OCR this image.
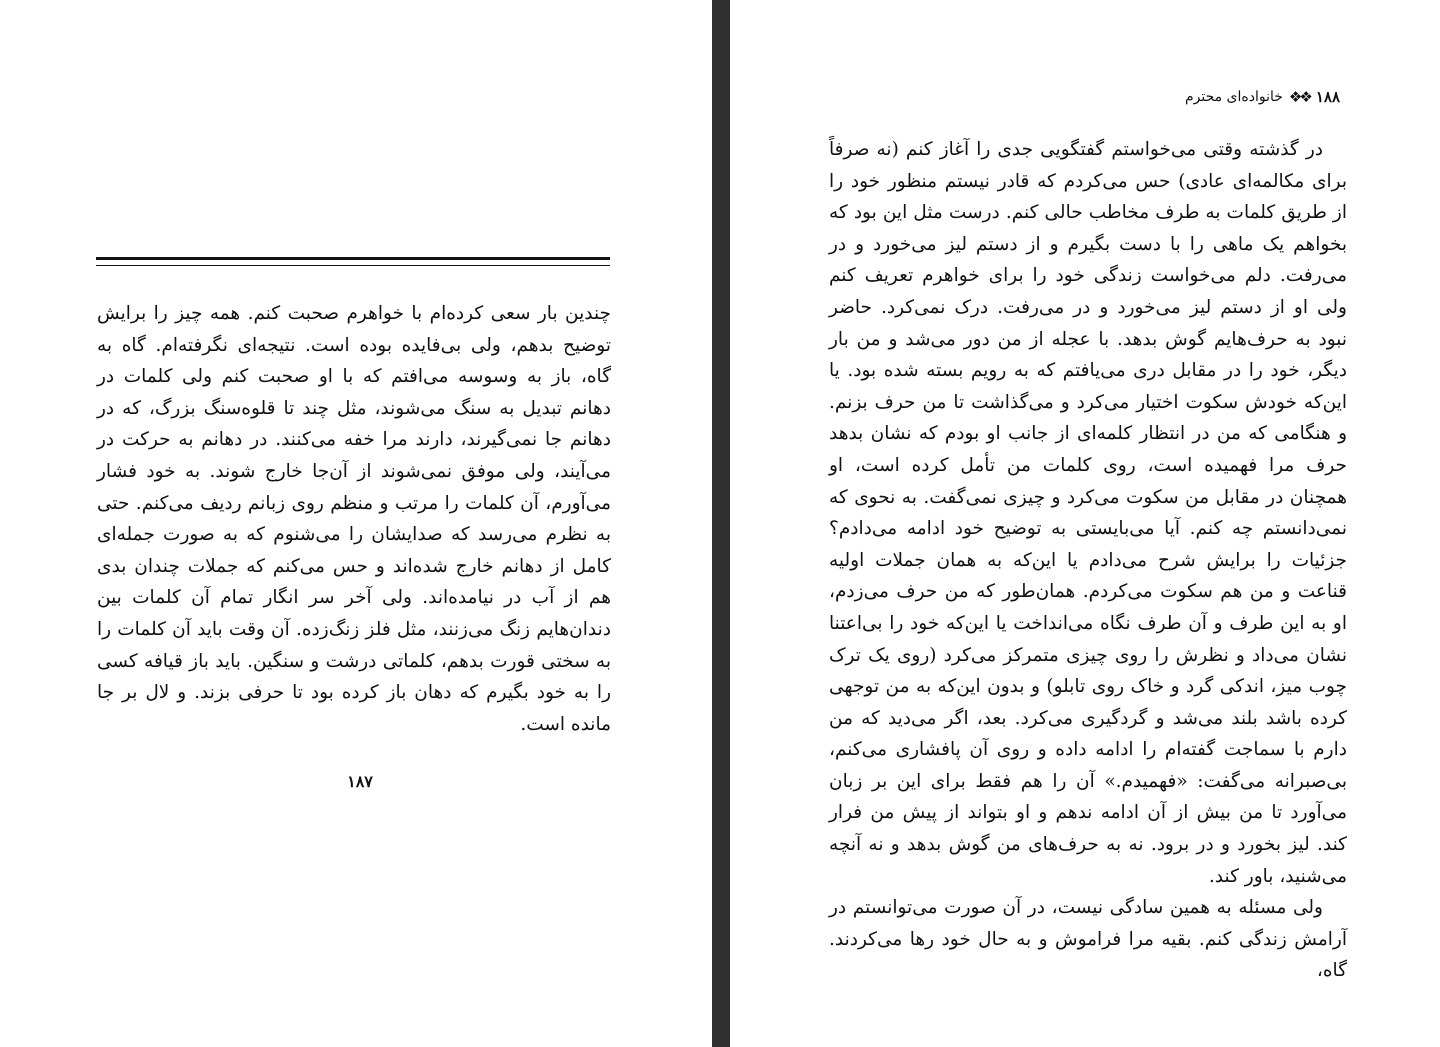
چندین بار سعی کرده‌ام با خواهرم صحبت کنم. همه چیز را برایش توضیح بدهم، ولی بی‌فایده بوده است. نتیجه‌ای نگرفته‌ام. گاه به گاه، باز به وسوسه می‌افتم که با او صحبت کنم ولی کلمات در دهانم تبدیل به سنگ می‌شوند، مثل چند تا قلوه‌سنگ بزرگ، که در دهانم جا نمی‌گیرند، دارند مرا خفه می‌کنند. در دهانم به حرکت در می‌آیند، ولی موفق نمی‌شوند از آن‌جا خارج شوند. به خود فشار می‌آورم، آن کلمات را مرتب و منظم روی زبانم ردیف می‌کنم. حتی به نظرم می‌رسد که صدایشان را می‌شنوم که به صورت جمله‌ای کامل از دهانم خارج شده‌اند و حس می‌کنم که جملات چندان بدی هم از آب در نیامده‌اند. ولی آخر سر انگار تمام آن کلمات بین دندان‌هایم زنگ می‌زنند، مثل فلز زنگ‌زده. آن وقت باید آن کلمات را به سختی قورت بدهم، کلماتی درشت و سنگین. باید باز قیافه کسی را به خود بگیرم که دهان باز کرده بود تا حرفی بزند. و لال بر جا مانده است.

۱۸۷
۱۸۸
❖❖
خانواده‌ای محترم

در گذشته وقتی می‌خواستم گفتگویی جدی را آغاز کنم (نه صرفاً برای مکالمه‌ای عادی) حس می‌کردم که قادر نیستم منظور خود را از طریق کلمات به طرف مخاطب حالی کنم. درست مثل این بود که بخواهم یک ماهی را با دست بگیرم و از دستم لیز می‌خورد و در می‌رفت. دلم می‌خواست زندگی خود را برای خواهرم تعریف کنم ولی او از دستم لیز می‌خورد و در می‌رفت. درک نمی‌کرد. حاضر نبود به حرف‌هایم گوش بدهد. با عجله از من دور می‌شد و من بار دیگر، خود را در مقابل دری می‌یافتم که به رویم بسته شده بود. یا این‌که خودش سکوت اختیار می‌کرد و می‌گذاشت تا من حرف بزنم. و هنگامی که من در انتظار کلمه‌ای از جانب او بودم که نشان بدهد حرف مرا فهمیده است، روی کلمات من تأمل کرده است، او همچنان در مقابل من سکوت می‌کرد و چیزی نمی‌گفت. به نحوی که نمی‌دانستم چه کنم. آیا می‌بایستی به توضیح خود ادامه می‌دادم؟ جزئیات را برایش شرح می‌دادم یا این‌که به همان جملات اولیه قناعت و من هم سکوت می‌کردم. همان‌طور که من حرف می‌زدم، او به این طرف و آن طرف نگاه می‌انداخت یا این‌که خود را بی‌اعتنا نشان می‌داد و نظرش را روی چیزی متمرکز می‌کرد (روی یک ترک چوب میز، اندکی گرد و خاک روی تابلو) و بدون این‌که به من توجهی کرده باشد بلند می‌شد و گردگیری می‌کرد. بعد، اگر می‌دید که من دارم با سماجت گفته‌ام را ادامه داده و روی آن پافشاری می‌کنم، بی‌صبرانه می‌گفت: «فهمیدم.» آن را هم فقط برای این بر زبان می‌آورد تا من بیش از آن ادامه ندهم و او بتواند از پیش من فرار کند. لیز بخورد و در برود. نه به حرف‌های من گوش بدهد و نه آنچه می‌شنید، باور کند.

ولی مسئله به همین سادگی نیست، در آن صورت می‌توانستم در آرامش زندگی کنم. بقیه مرا فراموش و به حال خود رها می‌کردند. گاه،
